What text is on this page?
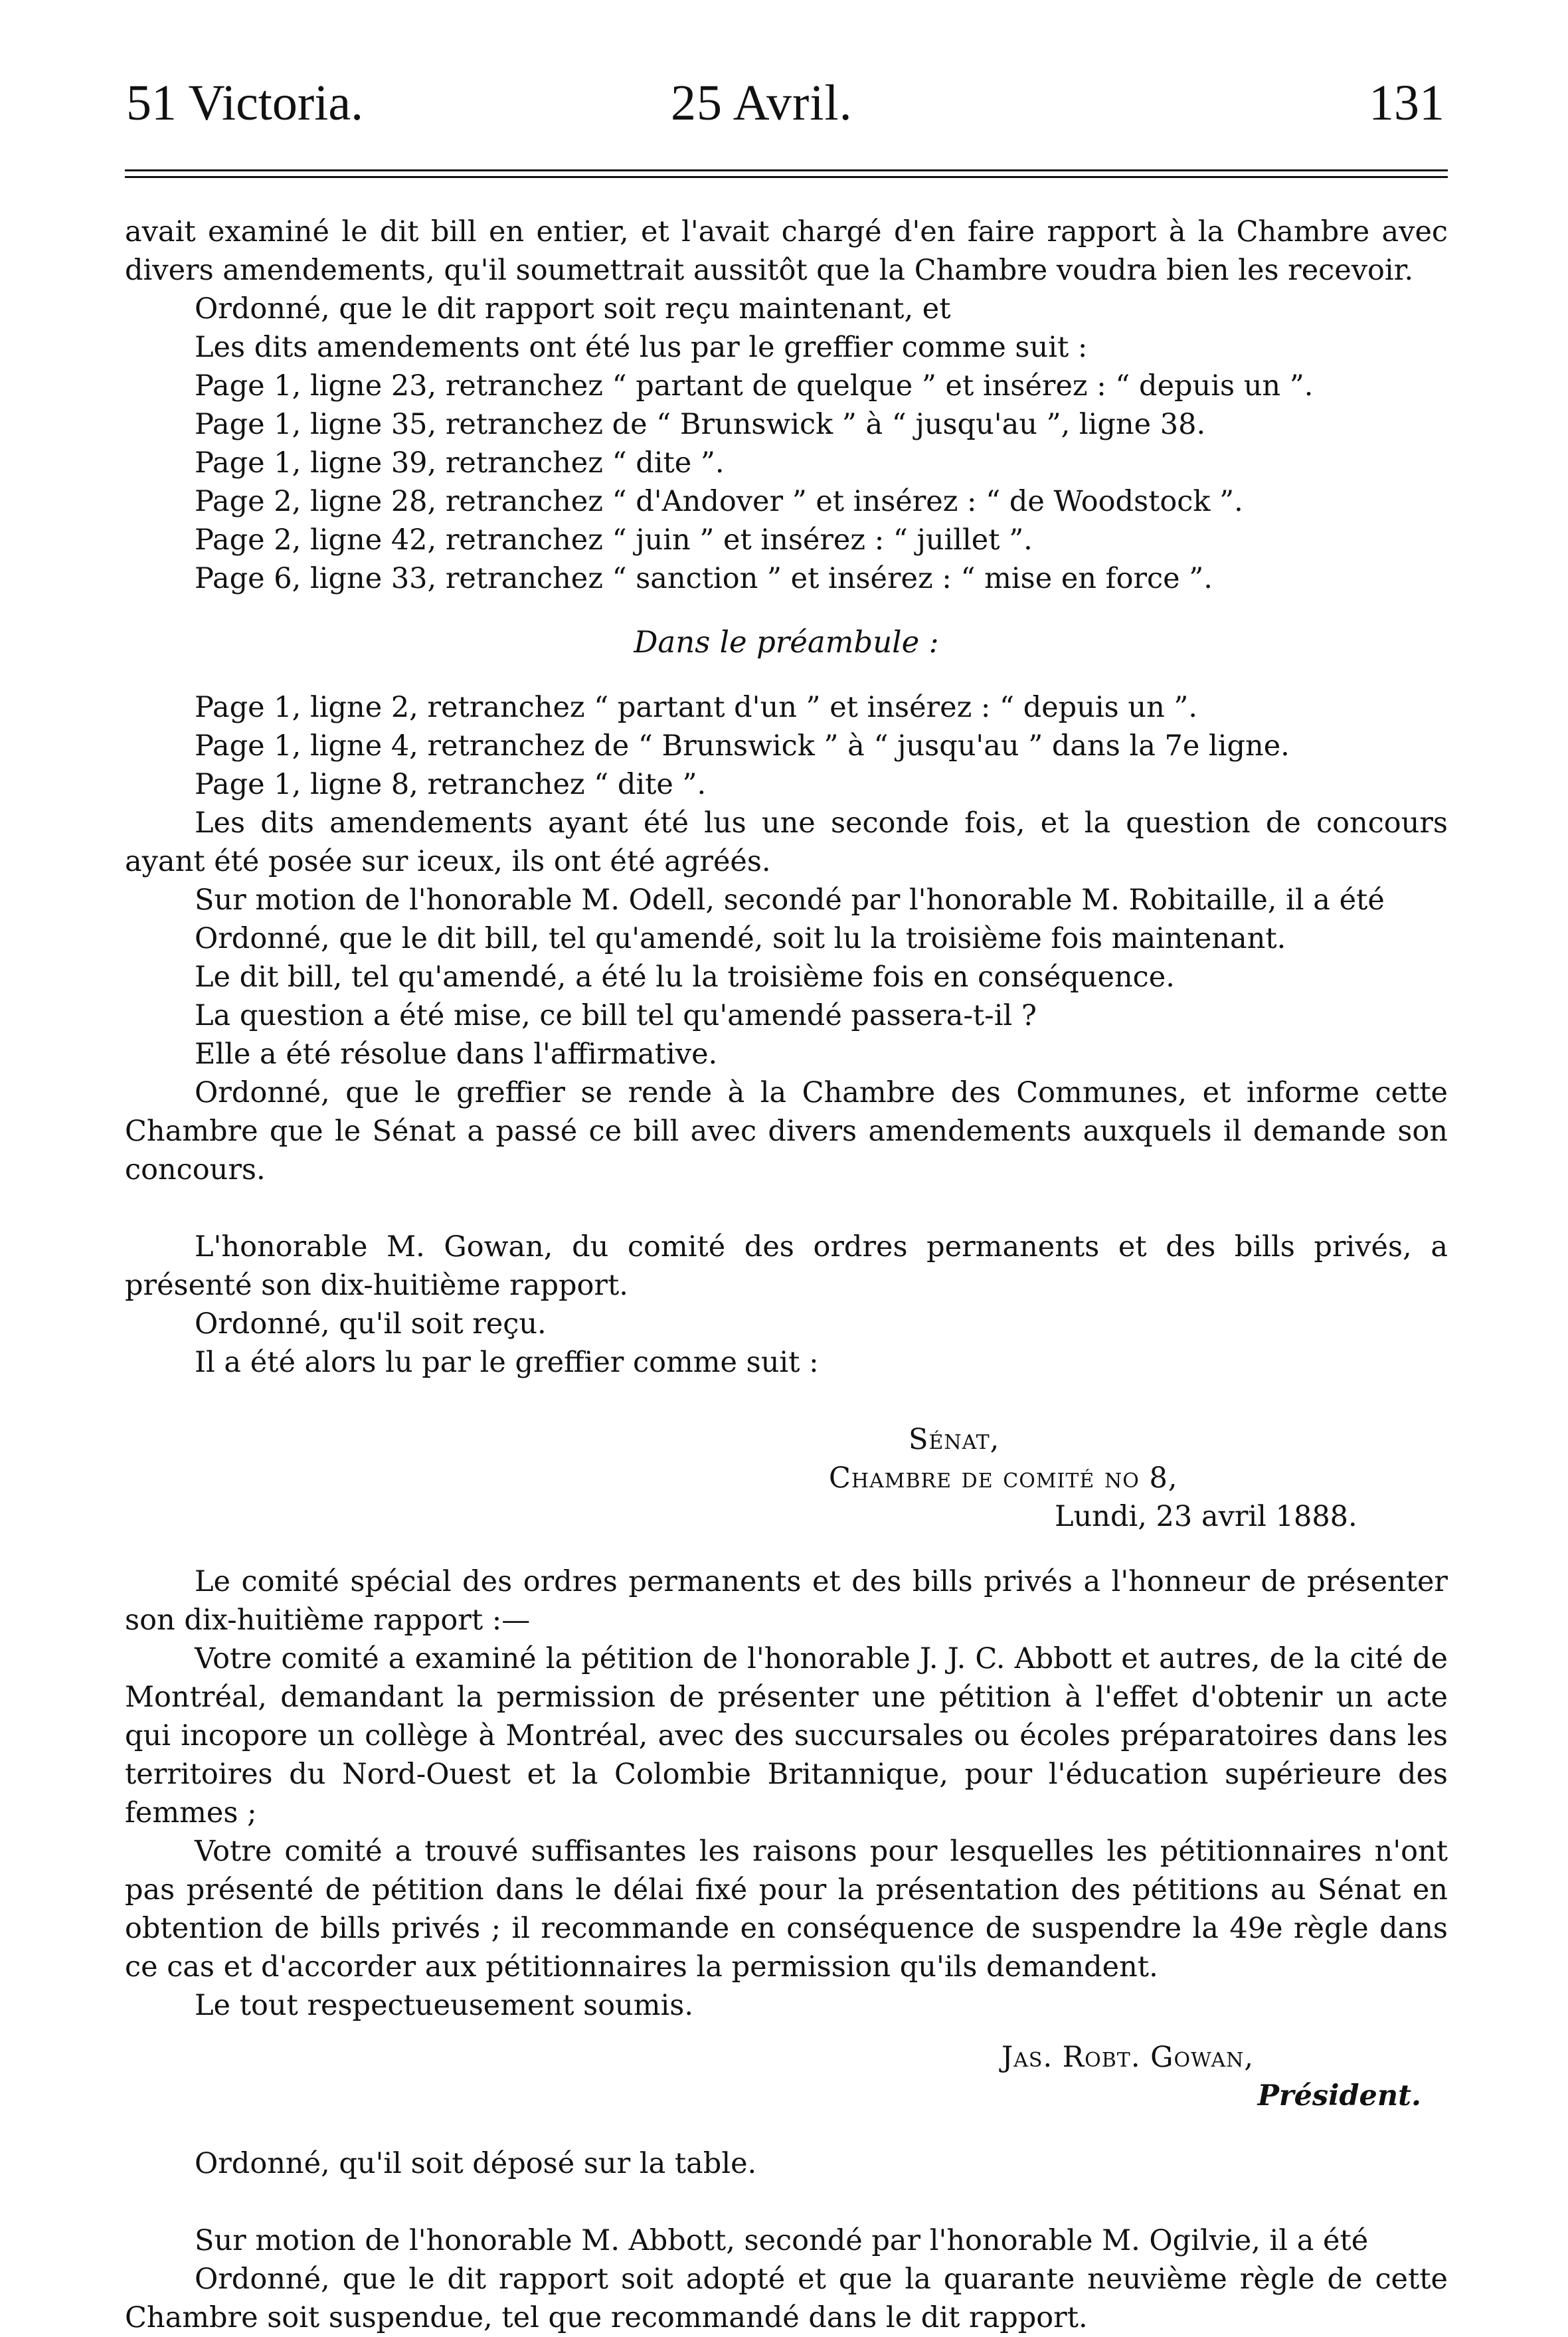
51 Victoria.	25 Avril.	131

avait examiné le dit bill en entier, et l'avait chargé d'en faire rapport à la Chambre avec divers amendements, qu'il soumettrait aussitôt que la Chambre voudra bien les recevoir.

Ordonné, que le dit rapport soit reçu maintenant, et

Les dits amendements ont été lus par le greffier comme suit :

Page 1, ligne 23, retranchez “ partant de quelque ” et insérez : “ depuis un ”.

Page 1, ligne 35, retranchez de “ Brunswick ” à “ jusqu'au ”, ligne 38.

Page 1, ligne 39, retranchez “ dite ”.

Page 2, ligne 28, retranchez “ d'Andover ” et insérez : “ de Woodstock ”.

Page 2, ligne 42, retranchez “ juin ” et insérez : “ juillet ”.

Page 6, ligne 33, retranchez “ sanction ” et insérez : “ mise en force ”.

Dans le préambule :

Page 1, ligne 2, retranchez “ partant d'un ” et insérez : “ depuis un ”.

Page 1, ligne 4, retranchez de “ Brunswick ” à “ jusqu'au ” dans la 7e ligne.

Page 1, ligne 8, retranchez “ dite ”.

Les dits amendements ayant été lus une seconde fois, et la question de concours ayant été posée sur iceux, ils ont été agréés.

Sur motion de l'honorable M. Odell, secondé par l'honorable M. Robitaille, il a été

Ordonné, que le dit bill, tel qu'amendé, soit lu la troisième fois maintenant.

Le dit bill, tel qu'amendé, a été lu la troisième fois en conséquence.

La question a été mise, ce bill tel qu'amendé passera-t-il ?

Elle a été résolue dans l'affirmative.

Ordonné, que le greffier se rende à la Chambre des Communes, et informe cette Chambre que le Sénat a passé ce bill avec divers amendements auxquels il demande son concours.

L'honorable M. Gowan, du comité des ordres permanents et des bills privés, a présenté son dix-huitième rapport.

Ordonné, qu'il soit reçu.

Il a été alors lu par le greffier comme suit :

Sénat,

Chambre de comité no 8,

Lundi, 23 avril 1888.

Le comité spécial des ordres permanents et des bills privés a l'honneur de présenter son dix-huitième rapport :—

Votre comité a examiné la pétition de l'honorable J. J. C. Abbott et autres, de la cité de Montréal, demandant la permission de présenter une pétition à l'effet d'obtenir un acte qui incopore un collège à Montréal, avec des succursales ou écoles préparatoires dans les territoires du Nord-Ouest et la Colombie Britannique, pour l'éducation supérieure des femmes ;

Votre comité a trouvé suffisantes les raisons pour lesquelles les pétitionnaires n'ont pas présenté de pétition dans le délai fixé pour la présentation des pétitions au Sénat en obtention de bills privés ; il recommande en conséquence de suspendre la 49e règle dans ce cas et d'accorder aux pétitionnaires la permission qu'ils demandent.

Le tout respectueusement soumis.

Jas. Robt. Gowan,

Président.

Ordonné, qu'il soit déposé sur la table.

Sur motion de l'honorable M. Abbott, secondé par l'honorable M. Ogilvie, il a été

Ordonné, que le dit rapport soit adopté et que la quarante neuvième règle de cette Chambre soit suspendue, tel que recommandé dans le dit rapport.
